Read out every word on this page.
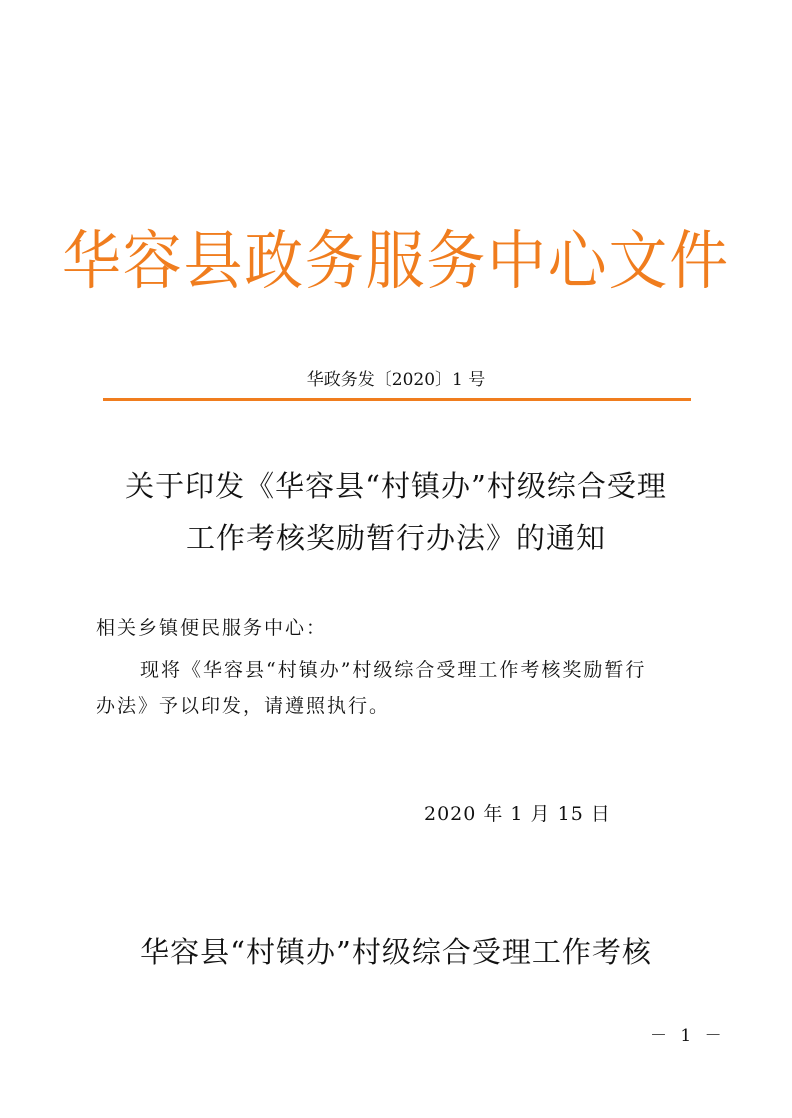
华容县政务服务中心文件
华政务发〔2020〕1 号
关于印发《华容县“村镇办”村级综合受理
工作考核奖励暂行办法》的通知
相关乡镇便民服务中心：
现将《华容县“村镇办”村级综合受理工作考核奖励暂行
办法》予以印发，请遵照执行。
2020 年 1 月 15 日
华容县“村镇办”村级综合受理工作考核
－ 1 －
